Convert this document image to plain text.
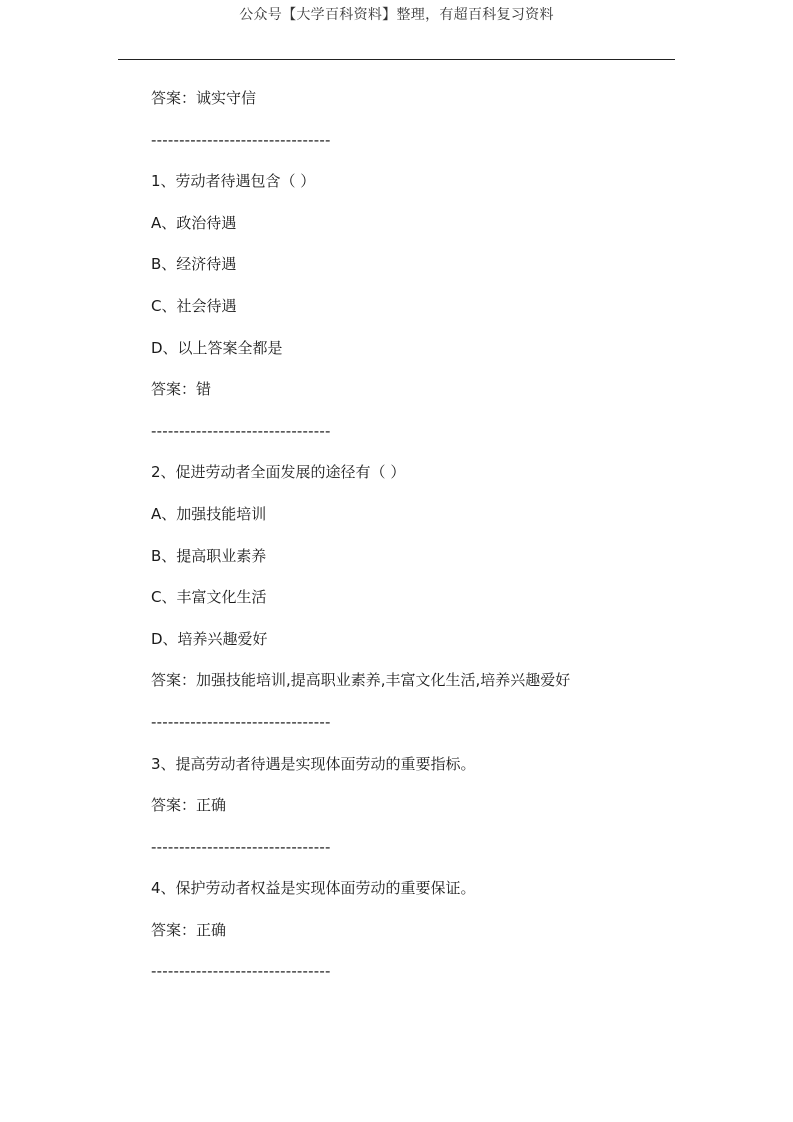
公众号【大学百科资料】整理，有超百科复习资料
答案：诚实守信
--------------------------------
1、劳动者待遇包含（ ）
A、政治待遇
B、经济待遇
C、社会待遇
D、以上答案全都是
答案：错
--------------------------------
2、促进劳动者全面发展的途径有（ ）
A、加强技能培训
B、提高职业素养
C、丰富文化生活
D、培养兴趣爱好
答案：加强技能培训,提高职业素养,丰富文化生活,培养兴趣爱好
--------------------------------
3、提高劳动者待遇是实现体面劳动的重要指标。
答案：正确
--------------------------------
4、保护劳动者权益是实现体面劳动的重要保证。
答案：正确
--------------------------------
